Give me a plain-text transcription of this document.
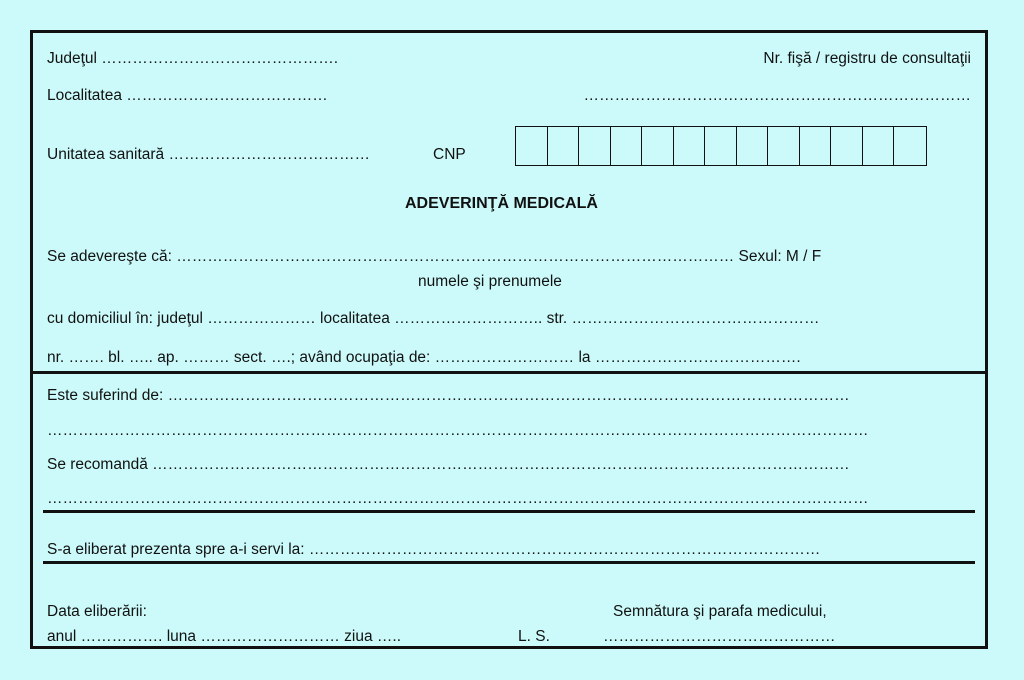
Judeţul ……………………………………….	Nr. fişă / registru de consultaţii
Localitatea …………………………………	…………………………………………………………………
Unitatea sanitară …………………………………	CNP
ADEVERINŢĂ MEDICALĂ
Se adevereşte că: ……………………………………………………………………………………………… Sexul: M / F
numele şi prenumele
cu domiciliul în: judeţul ………………… localitatea ……………………….. str. …………………………………………
nr. ……. bl. ….. ap. ……… sect. ….; având ocupaţia de: ……………………… la ………………………………….
Este suferind de: ……………………………………………………………………………………………………………………
……………………………………………………………………………………………………………………………………………
Se recomandă ………………………………………………………………………………………………………………………
……………………………………………………………………………………………………………………………………………
S-a eliberat prezenta spre a-i servi la: ………………………………………………………………………………………
Data eliberării:
anul ……………. luna ……………………… ziua …..	L. S.
Semnătura şi parafa medicului,
………………………………………
